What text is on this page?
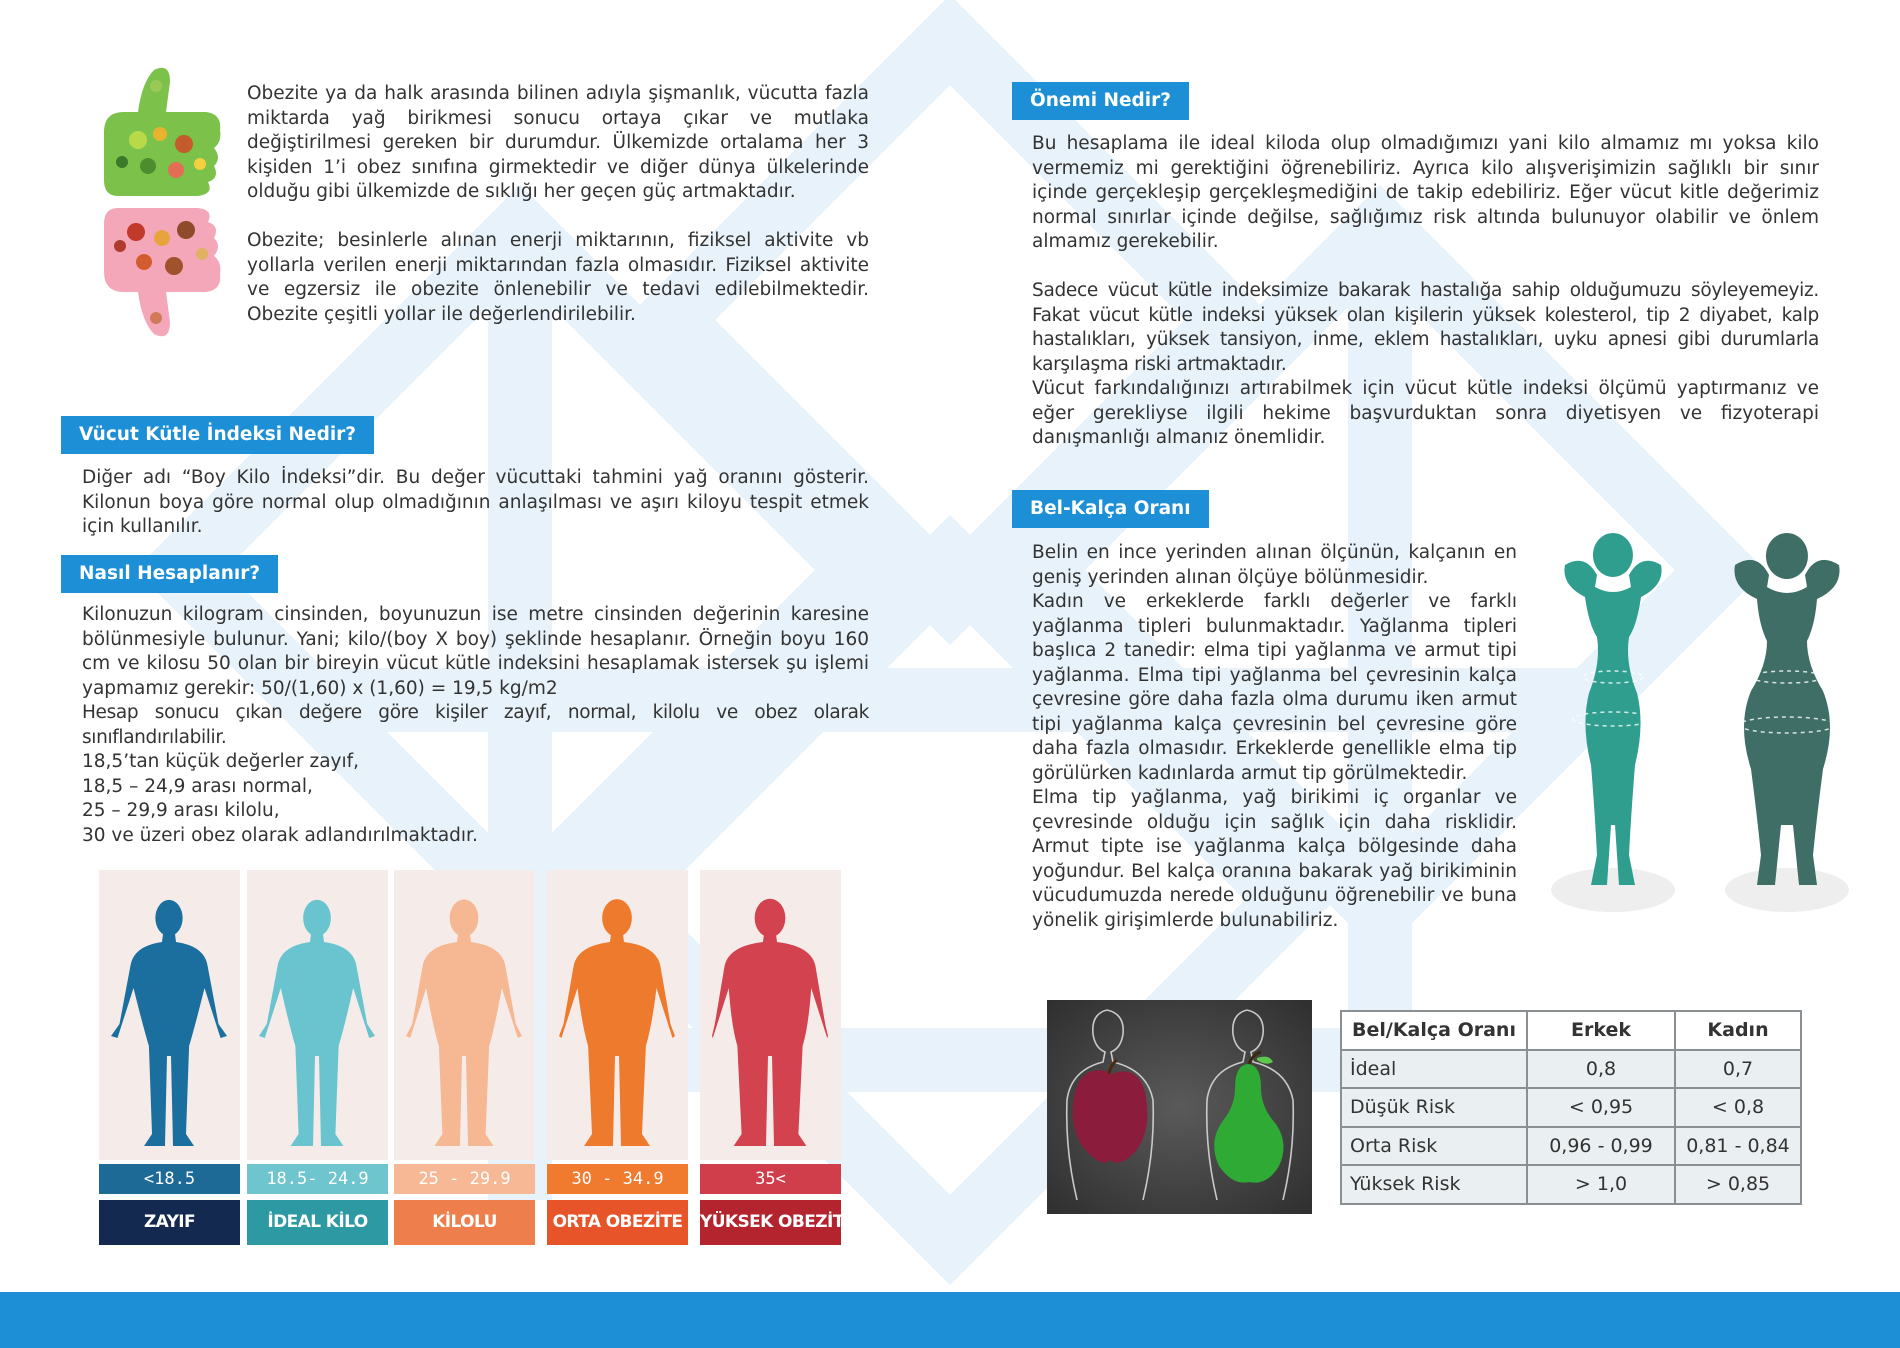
Obezite ya da halk arasında bilinen adıyla şişmanlık, vücutta fazla miktarda yağ birikmesi sonucu ortaya çıkar ve mutlaka değiştirilmesi gereken bir durumdur. Ülkemizde ortalama her 3 kişiden 1’i obez sınıfına girmektedir ve diğer dünya ülkelerinde olduğu gibi ülkemizde de sıklığı her geçen güç artmaktadır.

Obezite; besinlerle alınan enerji miktarının, fiziksel aktivite vb yollarla verilen enerji miktarından fazla olmasıdır. Fiziksel aktivite ve egzersiz ile obezite önlenebilir ve tedavi edilebilmektedir. Obezite çeşitli yollar ile değerlendirilebilir.

Vücut Kütle İndeksi Nedir?
Diğer adı “Boy Kilo İndeksi”dir. Bu değer vücuttaki tahmini yağ oranını gösterir. Kilonun boya göre normal olup olmadığının anlaşılması ve aşırı kiloyu tespit etmek için kullanılır.
Nasıl Hesaplanır?

Kilonuzun kilogram cinsinden, boyunuzun ise metre cinsinden değerinin karesine bölünmesiyle bulunur. Yani; kilo/(boy X boy) şeklinde hesaplanır. Örneğin boyu 160 cm ve kilosu 50 olan bir bireyin vücut kütle indeksini hesaplamak istersek şu işlemi yapmamız gerekir: 50/(1,60) x (1,60) = 19,5 kg/m2

Hesap sonucu çıkan değere göre kişiler zayıf, normal, kilolu ve obez olarak sınıflandırılabilir.

18,5’tan küçük değerler zayıf,

18,5 – 24,9 arası normal,

25 – 29,9 arası kilolu,

30 ve üzeri obez olarak adlandırılmaktadır.

<18.5
ZAYIF
18.5- 24.9
İDEAL KİLO
25 - 29.9
KİLOLU
30 - 34.9
ORTA OBEZİTE
35<
YÜKSEK OBEZİTE
Önemi Nedir?

Bu hesaplama ile ideal kiloda olup olmadığımızı yani kilo almamız mı yoksa kilo vermemiz mi gerektiğini öğrenebiliriz. Ayrıca kilo alışverişimizin sağlıklı bir sınır içinde gerçekleşip gerçekleşmediğini de takip edebiliriz. Eğer vücut kitle değerimiz normal sınırlar içinde değilse, sağlığımız risk altında bulunuyor olabilir ve önlem almamız gerekebilir.

Sadece vücut kütle indeksimize bakarak hastalığa sahip olduğumuzu söyleyemeyiz. Fakat vücut kütle indeksi yüksek olan kişilerin yüksek kolesterol, tip 2 diyabet, kalp hastalıkları, yüksek tansiyon, inme, eklem hastalıkları, uyku apnesi gibi durumlarla karşılaşma riski artmaktadır.

Vücut farkındalığınızı artırabilmek için vücut kütle indeksi ölçümü yaptırmanız ve eğer gerekliyse ilgili hekime başvurduktan sonra diyetisyen ve fizyoterapi danışmanlığı almanız önemlidir.

Bel-Kalça Oranı

Belin en ince yerinden alınan ölçünün, kalçanın en geniş yerinden alınan ölçüye bölünmesidir.

Kadın ve erkeklerde farklı değerler ve farklı yağlanma tipleri bulunmaktadır. Yağlanma tipleri başlıca 2 tanedir: elma tipi yağlanma ve armut tipi yağlanma. Elma tipi yağlanma bel çevresinin kalça çevresine göre daha fazla olma durumu iken armut tipi yağlanma kalça çevresinin bel çevresine göre daha fazla olmasıdır. Erkeklerde genellikle elma tip görülürken kadınlarda armut tip görülmektedir.

Elma tip yağlanma, yağ birikimi iç organlar ve çevresinde olduğu için sağlık için daha risklidir. Armut tipte ise yağlanma kalça bölgesinde daha yoğundur. Bel kalça oranına bakarak yağ birikiminin vücudumuzda nerede olduğunu öğrenebilir ve buna yönelik girişimlerde bulunabiliriz.

Bel/Kalça Oranı	Erkek	Kadın
İdeal	0,8	0,7
Düşük Risk	< 0,95	< 0,8
Orta Risk	0,96 - 0,99	0,81 - 0,84
Yüksek Risk	> 1,0	> 0,85
